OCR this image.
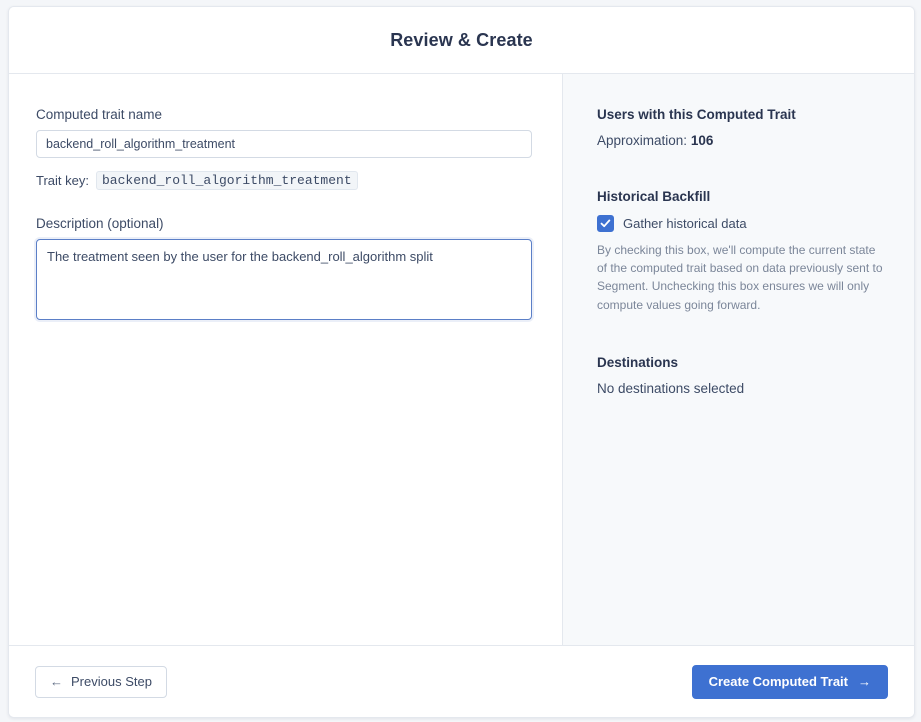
Review & Create
Computed trait name
backend_roll_algorithm_treatment
Trait key:	backend_roll_algorithm_treatment
Description (optional)
The treatment seen by the user for the backend_roll_algorithm split
Users with this Computed Trait
Approximation: 106
Historical Backfill
Gather historical data
By checking this box, we'll compute the current state of the computed trait based on data previously sent to Segment. Unchecking this box ensures we will only compute values going forward.
Destinations
No destinations selected
← Previous Step	Create Computed Trait →
